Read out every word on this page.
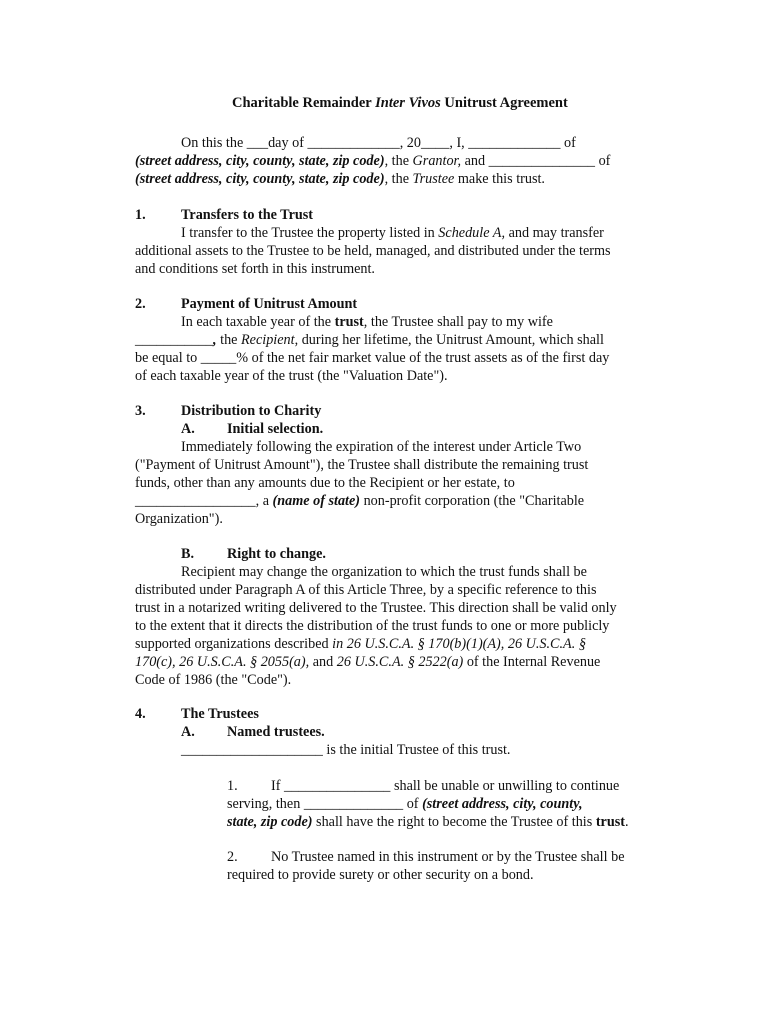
Charitable Remainder Inter Vivos Unitrust Agreement
On this the ___day of _____________, 20____, I, _____________ of
(street address, city, county, state, zip code), the Grantor, and _______________ of
(street address, city, county, state, zip code), the Trustee make this trust.
1. Transfers to the Trust
I transfer to the Trustee the property listed in Schedule A, and may transfer
additional assets to the Trustee to be held, managed, and distributed under the terms
and conditions set forth in this instrument.
2. Payment of Unitrust Amount
In each taxable year of the trust, the Trustee shall pay to my wife
___________, the Recipient, during her lifetime, the Unitrust Amount, which shall
be equal to _____% of the net fair market value of the trust assets as of the first day
of each taxable year of the trust (the "Valuation Date").
3. Distribution to Charity
A. Initial selection.
Immediately following the expiration of the interest under Article Two
("Payment of Unitrust Amount"), the Trustee shall distribute the remaining trust
funds, other than any amounts due to the Recipient or her estate, to
_________________, a (name of state) non-profit corporation (the "Charitable
Organization").
B. Right to change.
Recipient may change the organization to which the trust funds shall be
distributed under Paragraph A of this Article Three, by a specific reference to this
trust in a notarized writing delivered to the Trustee. This direction shall be valid only
to the extent that it directs the distribution of the trust funds to one or more publicly
supported organizations described in 26 U.S.C.A. § 170(b)(1)(A), 26 U.S.C.A. §
170(c), 26 U.S.C.A. § 2055(a), and 26 U.S.C.A. § 2522(a) of the Internal Revenue
Code of 1986 (the "Code").
4. The Trustees
A. Named trustees.
____________________ is the initial Trustee of this trust.
1. If _______________ shall be unable or unwilling to continue
serving, then ______________ of (street address, city, county,
state, zip code) shall have the right to become the Trustee of this trust.
2. No Trustee named in this instrument or by the Trustee shall be
required to provide surety or other security on a bond.
